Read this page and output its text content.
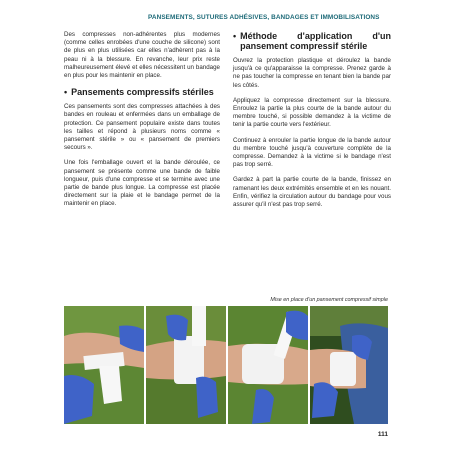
PANSEMENTS, SUTURES ADHÉSIVES, BANDAGES ET IMMOBILISATIONS

Des compresses non-adhérentes plus modernes (comme celles enrobées d'une couche de silicone) sont de plus en plus utilisées car elles n'adhèrent pas à la peau ni à la blessure. En revanche, leur prix reste malheureusement élevé et elles nécessitent un bandage en plus pour les maintenir en place.

• Pansements compressifs stériles

Ces pansements sont des compresses attachées à des bandes en rouleau et enfermées dans un emballage de protection. Ce pansement populaire existe dans toutes les tailles et répond à plusieurs noms comme « pansement stérile » ou « pansement de premiers secours ».

Une fois l'emballage ouvert et la bande déroulée, ce pansement se présente comme une bande de faible longueur, puis d'une compresse et se termine avec une partie de bande plus longue. La compresse est placée directement sur la plaie et le bandage permet de la maintenir en place.

• Méthode d'application d'un pansement compressif stérile

Ouvrez la protection plastique et déroulez la bande jusqu'à ce qu'apparaisse la compresse. Prenez garde à ne pas toucher la compresse en tenant bien la bande par les côtés.

Appliquez la compresse directement sur la blessure. Enroulez la partie la plus courte de la bande autour du membre touché, si possible demandez à la victime de tenir la partie courte vers l'extérieur.

Continuez à enrouler la partie longue de la bande autour du membre touché jusqu'à couverture complète de la compresse. Demandez à la victime si le bandage n'est pas trop serré.

Gardez à part la partie courte de la bande, finissez en ramenant les deux extrémités ensemble et en les nouant. Enfin, vérifiez la circulation autour du bandage pour vous assurer qu'il n'est pas trop serré.

Mise en place d'un pansement compressif simple
111
